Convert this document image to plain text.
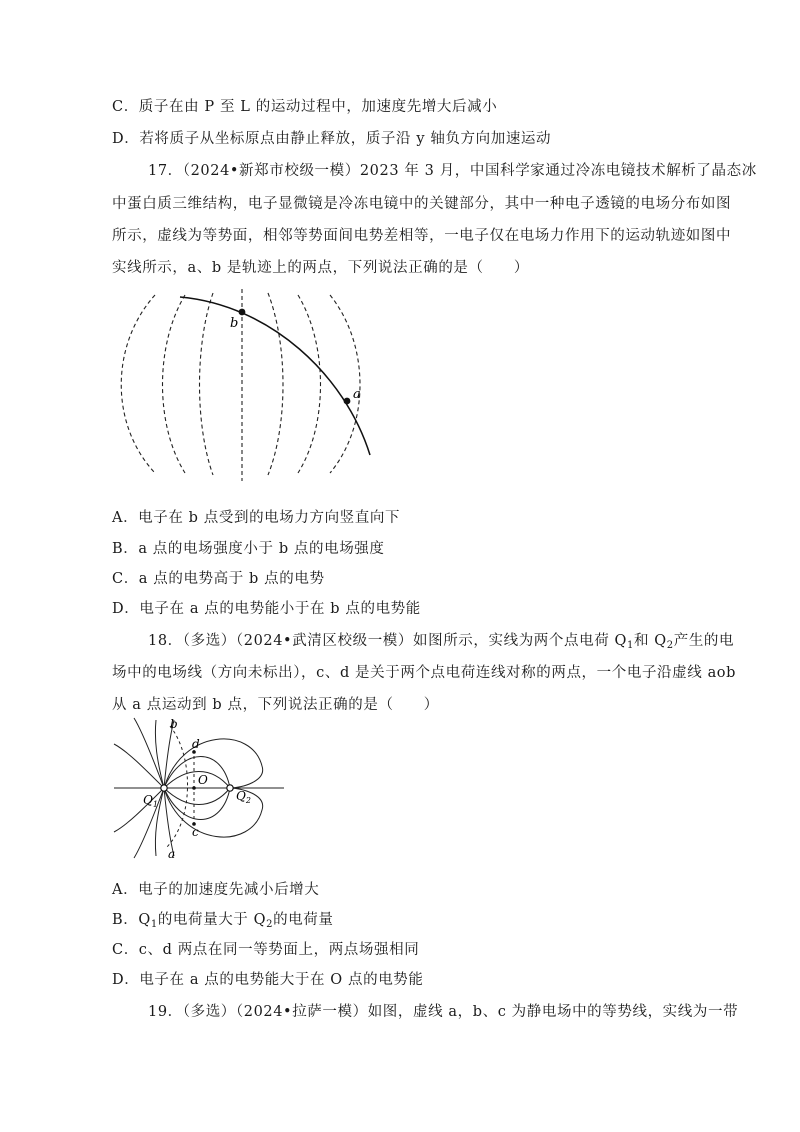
C．质子在由 P 至 L 的运动过程中，加速度先增大后减小
D．若将质子从坐标原点由静止释放，质子沿 y 轴负方向加速运动
17．（2024•新郑市校级一模）2023 年 3 月，中国科学家通过冷冻电镜技术解析了晶态冰
中蛋白质三维结构，电子显微镜是冷冻电镜中的关键部分，其中一种电子透镜的电场分布如图
所示，虚线为等势面，相邻等势面间电势差相等，一电子仅在电场力作用下的运动轨迹如图中
实线所示，a、b 是轨迹上的两点，下列说法正确的是（　　）
b
a
A．电子在 b 点受到的电场力方向竖直向下
B．a 点的电场强度小于 b 点的电场强度
C．a 点的电势高于 b 点的电势
D．电子在 a 点的电势能小于在 b 点的电势能
18．（多选）（2024•武清区校级一模）如图所示，实线为两个点电荷 $Q_1$和 $Q_2$产生的电
场中的电场线（方向未标出），c、d 是关于两个点电荷连线对称的两点，一个电子沿虚线 aob
从 a 点运动到 b 点，下列说法正确的是（　　）
b
d
O
$Q_1$
$Q_2$
c
a
A．电子的加速度先减小后增大
B．$Q_1$的电荷量大于 $Q_2$的电荷量
C．c、d 两点在同一等势面上，两点场强相同
D．电子在 a 点的电势能大于在 O 点的电势能
19．（多选）（2024•拉萨一模）如图，虚线 a，b、c 为静电场中的等势线，实线为一带
